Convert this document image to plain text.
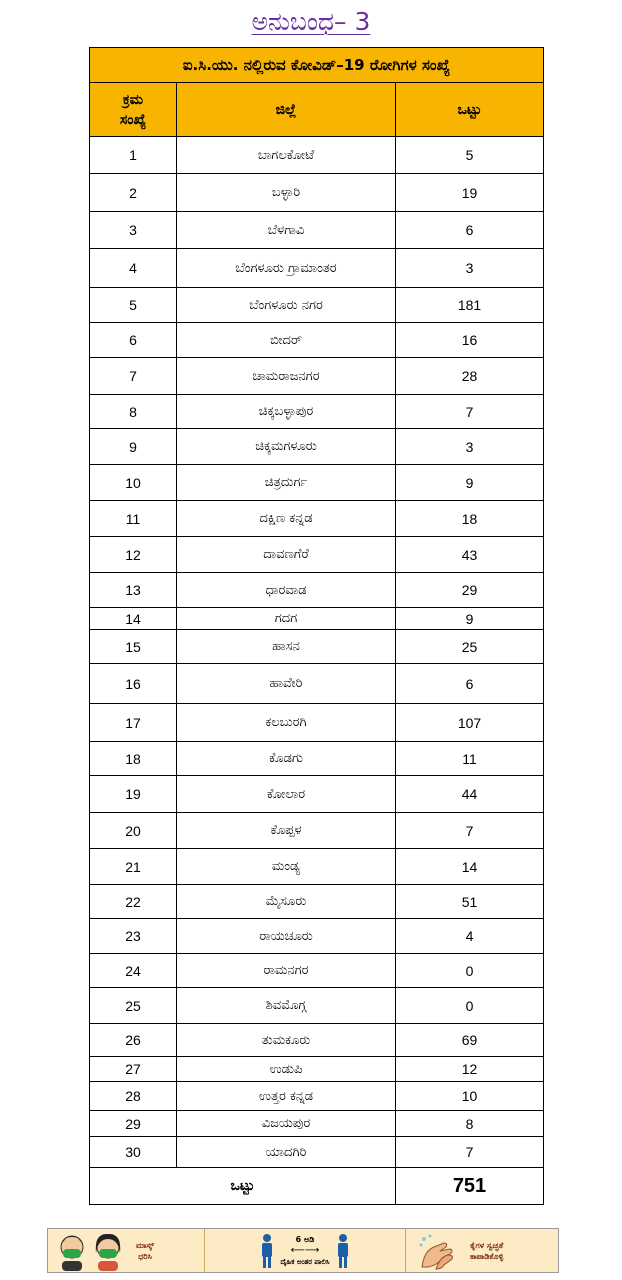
ಅನುಬಂಧ– 3
ಐ.ಸಿ.ಯು. ನಲ್ಲಿರುವ ಕೋವಿಡ್–19 ರೋಗಿಗಳ ಸಂಖ್ಯೆ		

ಕ್ರಮ
ಸಂಖ್ಯೆ	ಜಿಲ್ಲೆ	ಒಟ್ಟು
1	ಬಾಗಲಕೋಟೆ	5
2	ಬಳ್ಳಾರಿ	19
3	ಬೆಳಗಾವಿ	6
4	ಬೆಂಗಳೂರು ಗ್ರಾಮಾಂತರ	3
5	ಬೆಂಗಳೂರು ನಗರ	181
6	ಬೀದರ್	16
7	ಚಾಮರಾಜನಗರ	28
8	ಚಿಕ್ಕಬಳ್ಳಾಪುರ	7
9	ಚಿಕ್ಕಮಗಳೂರು	3
10	ಚಿತ್ರದುರ್ಗ	9
11	ದಕ್ಷಿಣ ಕನ್ನಡ	18
12	ದಾವಣಗೆರೆ	43
13	ಧಾರವಾಡ	29
14	ಗದಗ	9
15	ಹಾಸನ	25
16	ಹಾವೇರಿ	6
17	ಕಲಬುರಗಿ	107
18	ಕೊಡಗು	11
19	ಕೋಲಾರ	44
20	ಕೊಪ್ಪಳ	7
21	ಮಂಡ್ಯ	14
22	ಮೈಸೂರು	51
23	ರಾಯಚೂರು	4
24	ರಾಮನಗರ	0
25	ಶಿವಮೊಗ್ಗ	0
26	ತುಮಕೂರು	69
27	ಉಡುಪಿ	12
28	ಉತ್ತರ ಕನ್ನಡ	10
29	ವಿಜಯಪುರ	8
30	ಯಾದಗಿರಿ	7
ಒಟ್ಟು		751
ಮಾಸ್ಕ್
ಧರಿಸಿ
6 ಅಡಿ
⟵⟶
ದೈಹಿಕ ಅಂತರ ಪಾಲಿಸಿ
ಕೈಗಳ ಸ್ವಚ್ಛತೆ
ಕಾಪಾಡಿಕೊಳ್ಳಿ
